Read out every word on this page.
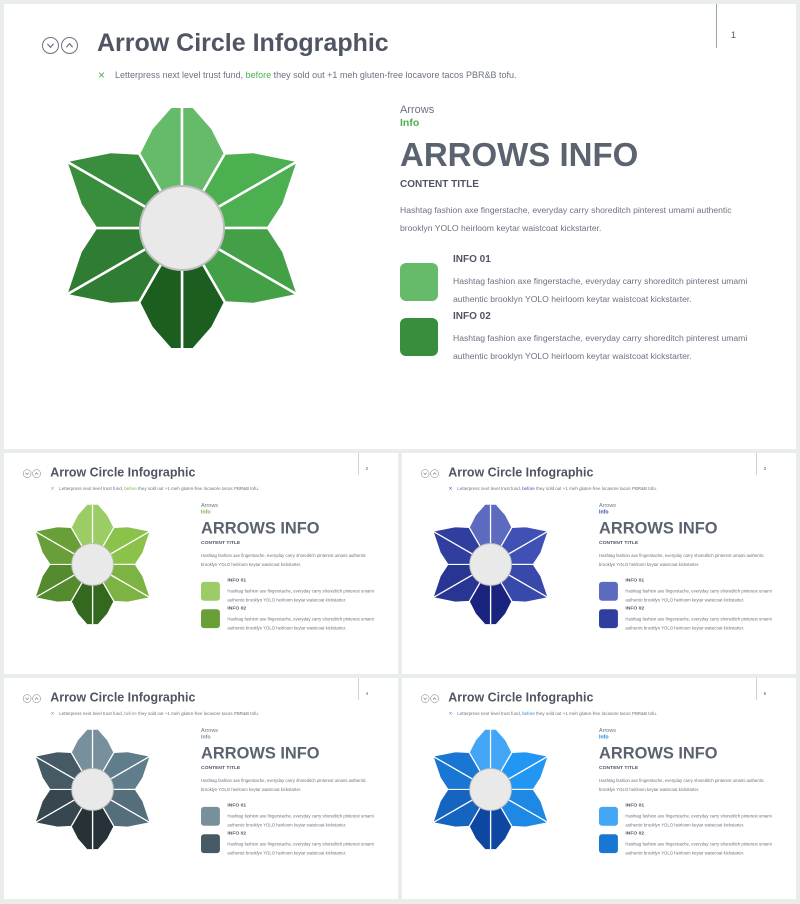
Arrow Circle Infographic
× Letterpress next level trust fund, before they sold out +1 meh gluten-free locavore tacos PBR&B tofu.
1
Arrows
Info
ARROWS INFO
CONTENT TITLE
Hashtag fashion axe fingerstache, everyday carry shoreditch pinterest umami authentic brooklyn YOLO heirloom keytar waistcoat kickstarter.
INFO 01
Hashtag fashion axe fingerstache, everyday carry shoreditch pinterest umami authentic brooklyn YOLO heirloom keytar waistcoat kickstarter.
INFO 02
Hashtag fashion axe fingerstache, everyday carry shoreditch pinterest umami authentic brooklyn YOLO heirloom keytar waistcoat kickstarter.
Arrow Circle Infographic
× Letterpress next level trust fund, before they sold out +1 meh gluten-free locavore tacos PBR&B tofu.
2
Arrows
Info
ARROWS INFO
CONTENT TITLE
Hashtag fashion axe fingerstache, everyday carry shoreditch pinterest umami authentic brooklyn YOLO heirloom keytar waistcoat kickstarter.
INFO 01
Hashtag fashion axe fingerstache, everyday carry shoreditch pinterest umami authentic brooklyn YOLO heirloom keytar waistcoat kickstarter.
INFO 02
Hashtag fashion axe fingerstache, everyday carry shoreditch pinterest umami authentic brooklyn YOLO heirloom keytar waistcoat kickstarter.
Arrow Circle Infographic
× Letterpress next level trust fund, before they sold out +1 meh gluten-free locavore tacos PBR&B tofu.
3
Arrows
Info
ARROWS INFO
CONTENT TITLE
Hashtag fashion axe fingerstache, everyday carry shoreditch pinterest umami authentic brooklyn YOLO heirloom keytar waistcoat kickstarter.
INFO 01
Hashtag fashion axe fingerstache, everyday carry shoreditch pinterest umami authentic brooklyn YOLO heirloom keytar waistcoat kickstarter.
INFO 02
Hashtag fashion axe fingerstache, everyday carry shoreditch pinterest umami authentic brooklyn YOLO heirloom keytar waistcoat kickstarter.
Arrow Circle Infographic
× Letterpress next level trust fund, before they sold out +1 meh gluten-free locavore tacos PBR&B tofu.
4
Arrows
Info
ARROWS INFO
CONTENT TITLE
Hashtag fashion axe fingerstache, everyday carry shoreditch pinterest umami authentic brooklyn YOLO heirloom keytar waistcoat kickstarter.
INFO 01
Hashtag fashion axe fingerstache, everyday carry shoreditch pinterest umami authentic brooklyn YOLO heirloom keytar waistcoat kickstarter.
INFO 02
Hashtag fashion axe fingerstache, everyday carry shoreditch pinterest umami authentic brooklyn YOLO heirloom keytar waistcoat kickstarter.
Arrow Circle Infographic
× Letterpress next level trust fund, before they sold out +1 meh gluten-free locavore tacos PBR&B tofu.
5
Arrows
Info
ARROWS INFO
CONTENT TITLE
Hashtag fashion axe fingerstache, everyday carry shoreditch pinterest umami authentic brooklyn YOLO heirloom keytar waistcoat kickstarter.
INFO 01
Hashtag fashion axe fingerstache, everyday carry shoreditch pinterest umami authentic brooklyn YOLO heirloom keytar waistcoat kickstarter.
INFO 02
Hashtag fashion axe fingerstache, everyday carry shoreditch pinterest umami authentic brooklyn YOLO heirloom keytar waistcoat kickstarter.
